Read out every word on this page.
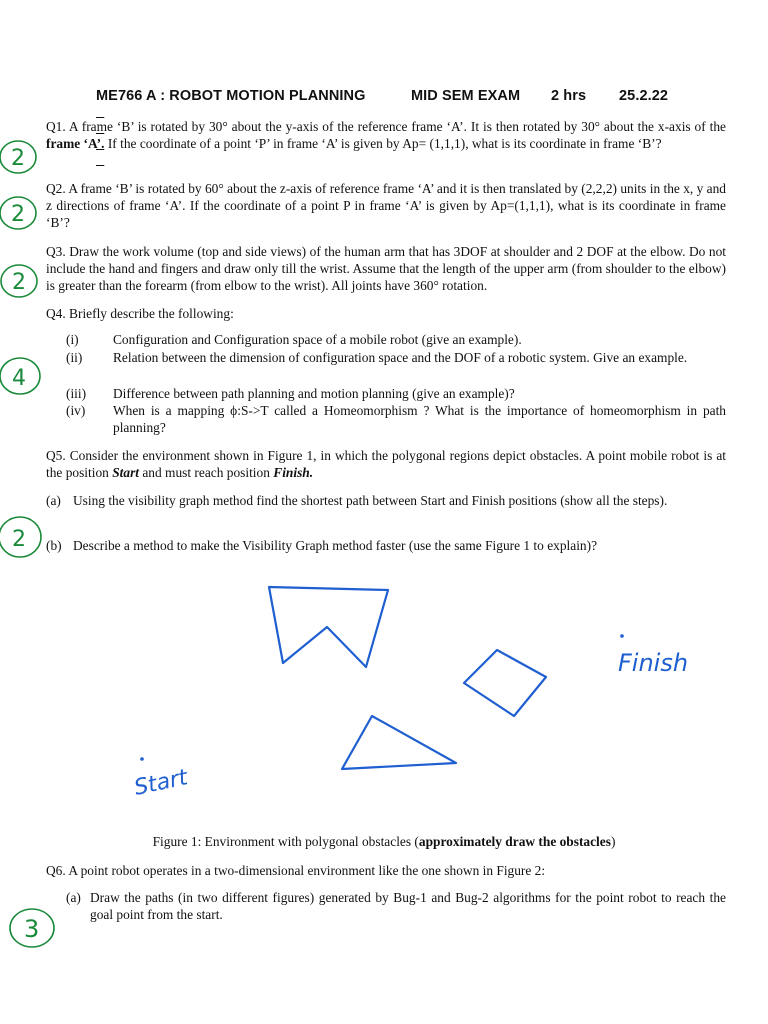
ME766 A : ROBOT MOTION PLANNING

	MID SEM EXAM

2 hrs

25.2.22

Q1. A frame ‘B’ is rotated by 30° about the y-axis of the reference frame ‘A’. It is then rotated by 30° about the x-axis of the frame ‘A’. If the coordinate of a point ‘P’ in frame ‘A’ is given by Ap= (1,1,1), what is its coordinate in frame ‘B’?
Q2. A frame ‘B’ is rotated by 60° about the z-axis of reference frame ‘A’ and it is then translated by (2,2,2) units in the x, y and z directions of frame ‘A’. If the coordinate of a point P in frame ‘A’ is given by Ap=(1,1,1), what is its coordinate in frame ‘B’?
Q3. Draw the work volume (top and side views) of the human arm that has 3DOF at shoulder and 2 DOF at the elbow. Do not include the hand and fingers and draw only till the wrist. Assume that the length of the upper arm (from shoulder to the elbow) is greater than the forearm (from elbow to the wrist). All joints have 360° rotation.
Q4. Briefly describe the following:
(i)	Configuration and Configuration space of a mobile robot (give an example).
(ii)	Relation between the dimension of configuration space and the DOF of a robotic system. Give an example.
(iii)	Difference between path planning and motion planning (give an example)?
(iv)	When is a mapping ϕ:S->T called a Homeomorphism ? What is the importance of homeomorphism in path planning?
Q5. Consider the environment shown in Figure 1, in which the polygonal regions depict obstacles. A point mobile robot is at the position Start and must reach position Finish.
(a) Using the visibility graph method find the shortest path between Start and Finish positions (show all the steps).
(b) Describe a method to make the Visibility Graph method faster (use the same Figure 1 to explain)?
Figure 1: Environment with polygonal obstacles (approximately draw the obstacles)
Q6. A point robot operates in a two-dimensional environment like the one shown in Figure 2:
(a) Draw the paths (in two different figures) generated by Bug-1 and Bug-2 algorithms for the point robot to reach the goal point from the start.
Finish
Start
2
2
2
4
2
3
